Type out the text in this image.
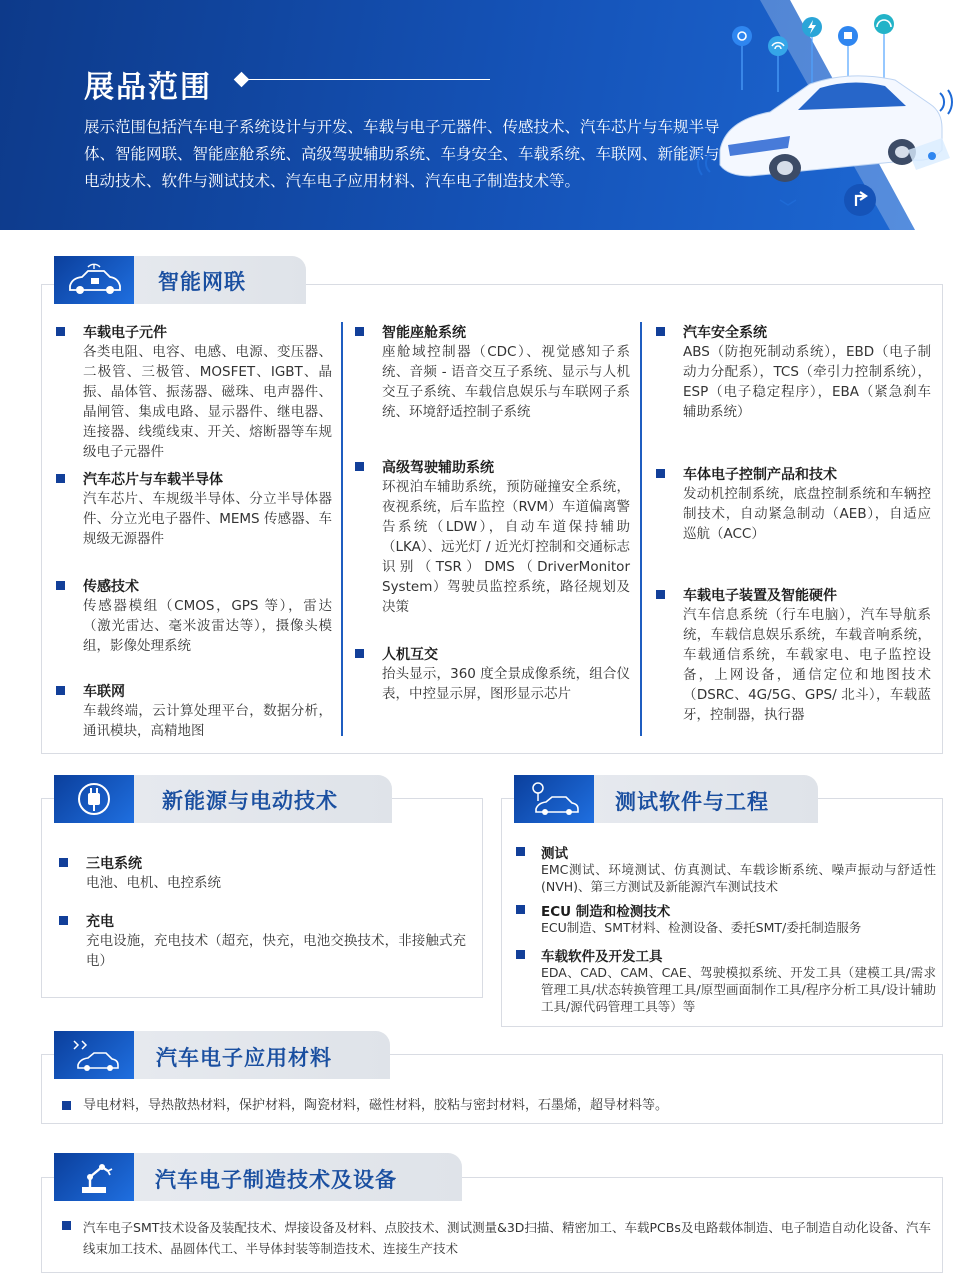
展品范围
展示范围包括汽车电子系统设计与开发、车载与电子元器件、传感技术、汽车芯片与车规半导体、智能网联、智能座舱系统、高级驾驶辅助系统、车身安全、车载系统、车联网、新能源与电动技术、软件与测试技术、汽车电子应用材料、汽车电子制造技术等。
智能网联
车载电子元件
各类电阻、电容、电感、电源、变压器、二极管、三极管、MOSFET、IGBT、晶振、晶体管、振荡器、磁珠、电声器件、晶闸管、集成电路、显示器件、继电器、连接器、线缆线束、开关、熔断器等车规级电子元器件
汽车芯片与车载半导体
汽车芯片、车规级半导体、分立半导体器件、分立光电子器件、MEMS 传感器、车规级无源器件
传感技术
传感器模组（CMOS，GPS 等），雷达（激光雷达、毫米波雷达等），摄像头模组，影像处理系统
车联网
车载终端，云计算处理平台，数据分析，通讯模块，高精地图
智能座舱系统
座舱域控制器（CDC）、视觉感知子系统、音频 - 语音交互子系统、显示与人机交互子系统、车载信息娱乐与车联网子系统、环境舒适控制子系统
高级驾驶辅助系统
环视泊车辅助系统，预防碰撞安全系统，夜视系统，后车监控（RVM）车道偏离警告系统（LDW），自动车道保持辅助（LKA）、远光灯 / 近光灯控制和交通标志识别（TSR）DMS（DriverMonitor System）驾驶员监控系统，路径规划及决策
人机互交
抬头显示，360 度全景成像系统，组合仪表，中控显示屏，图形显示芯片
汽车安全系统
ABS（防抱死制动系统），EBD（电子制动力分配系），TCS（牵引力控制系统），ESP（电子稳定程序），EBA（紧急刹车辅助系统）
车体电子控制产品和技术
发动机控制系统，底盘控制系统和车辆控制技术，自动紧急制动（AEB），自适应巡航（ACC）
车载电子装置及智能硬件
汽车信息系统（行车电脑），汽车导航系统，车载信息娱乐系统，车载音响系统，车载通信系统，车载家电、电子监控设备，上网设备，通信定位和地图技术（DSRC、4G/5G、GPS/ 北斗），车载蓝牙，控制器，执行器
新能源与电动技术
三电系统
电池、电机、电控系统
充电
充电设施，充电技术（超充，快充，电池交换技术，非接触式充电）
测试软件与工程
测试
EMC测试、环境测试、仿真测试、车载诊断系统、噪声振动与舒适性(NVH)、第三方测试及新能源汽车测试技术
ECU 制造和检测技术
ECU制造、SMT材料、检测设备、委托SMT/委托制造服务
车载软件及开发工具
EDA、CAD、CAM、CAE、驾驶模拟系统、开发工具（建模工具/需求管理工具/状态转换管理工具/原型画面制作工具/程序分析工具/设计辅助工具/源代码管理工具等）等
汽车电子应用材料
导电材料，导热散热材料，保护材料，陶瓷材料，磁性材料，胶粘与密封材料，石墨烯，超导材料等。
汽车电子制造技术及设备
汽车电子SMT技术设备及装配技术、焊接设备及材料、点胶技术、测试测量&3D扫描、精密加工、车载PCBs及电路载体制造、电子制造自动化设备、汽车线束加工技术、晶圆体代工、半导体封装等制造技术、连接生产技术
